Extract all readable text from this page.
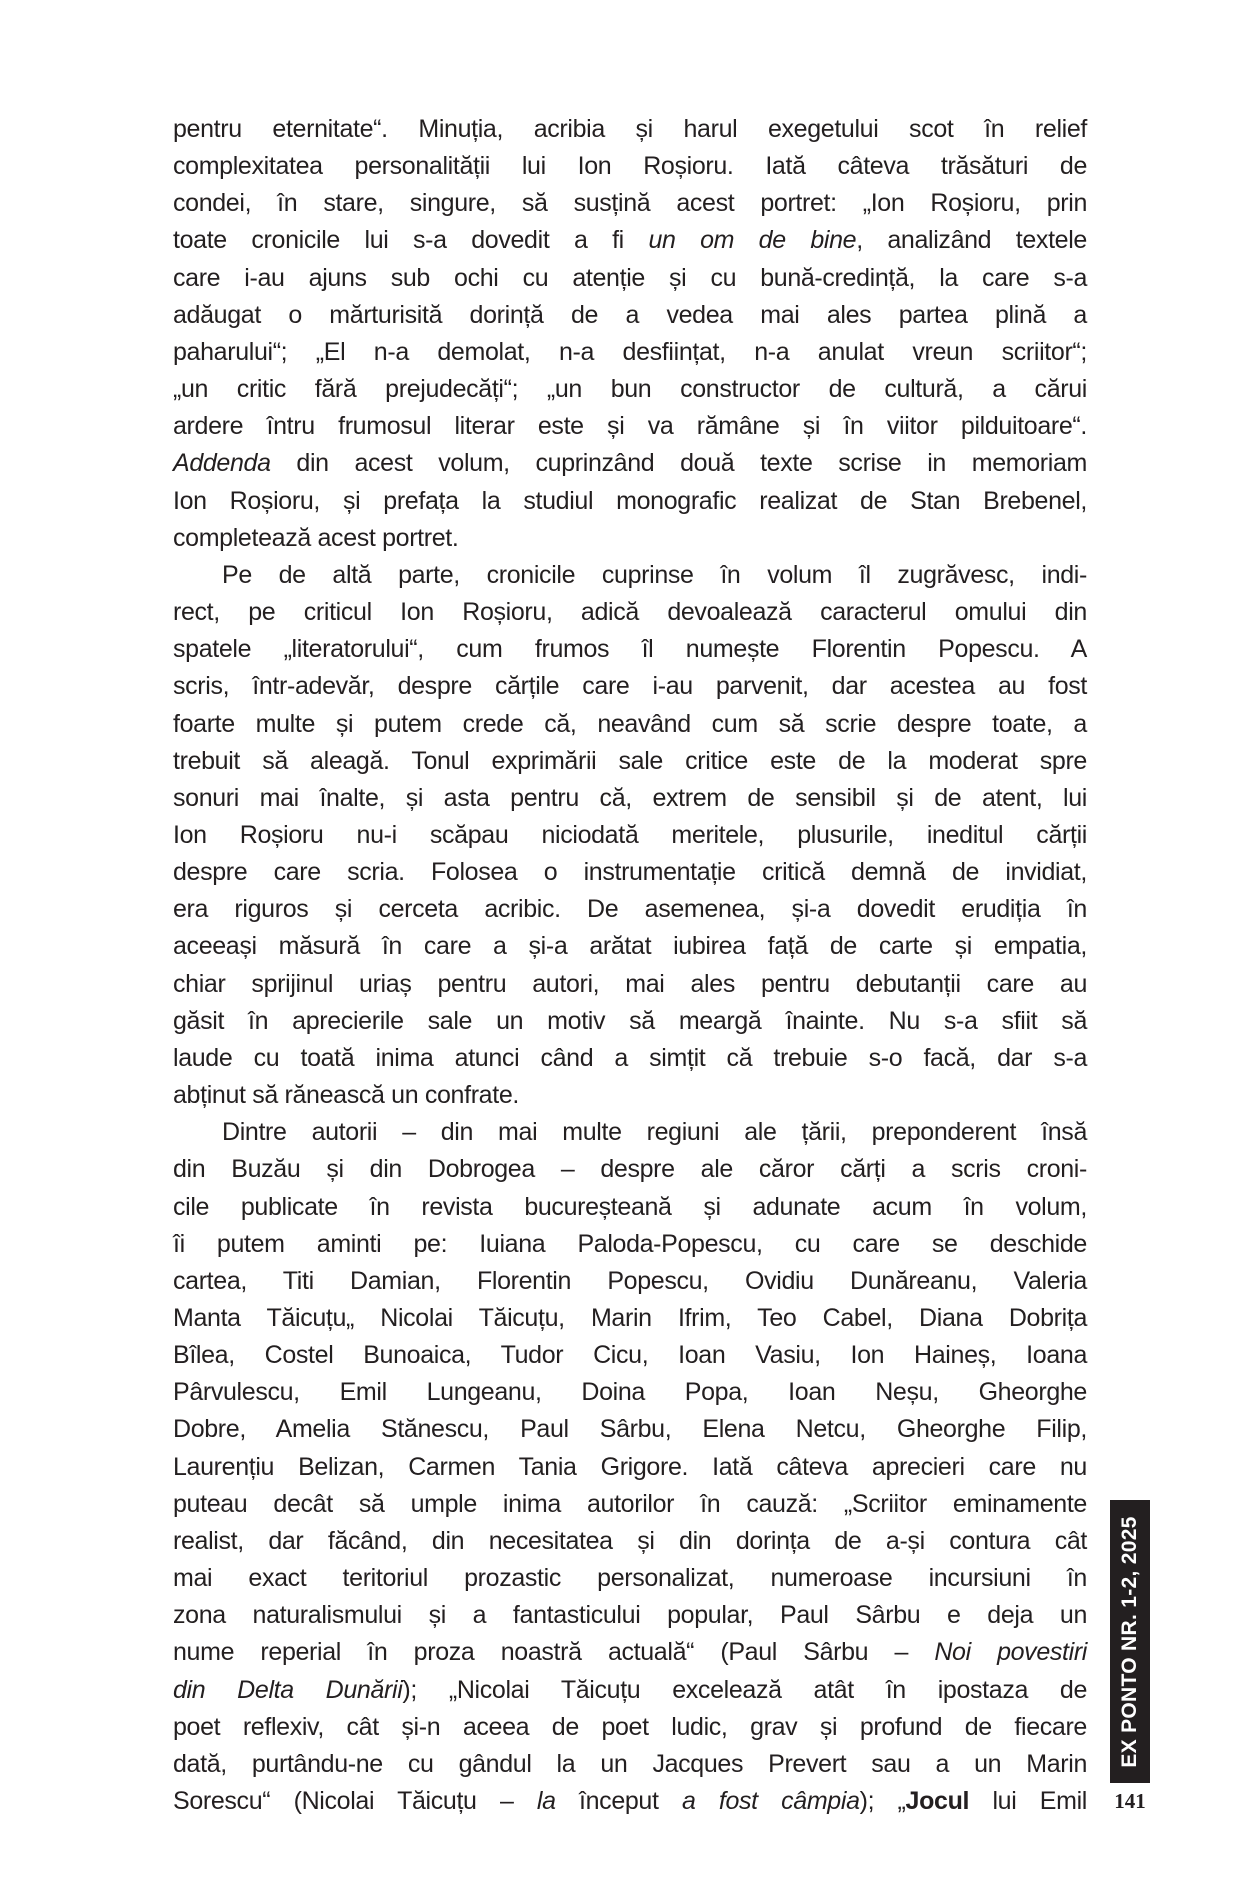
pentru eternitate“. Minuția, acribia și harul exegetului scot în relief
complexitatea personalității lui Ion Roșioru. Iată câteva trăsături de
condei, în stare, singure, să susțină acest portret: „Ion Roșioru, prin
toate cronicile lui s-a dovedit a fi un om de bine, analizând textele
care i-au ajuns sub ochi cu atenție și cu bună-credință, la care s-a
adăugat o mărturisită dorință de a vedea mai ales partea plină a
paharului“; „El n-a demolat, n-a desființat, n-a anulat vreun scriitor“;
„un critic fără prejudecăți“; „un bun constructor de cultură, a cărui
ardere întru frumosul literar este și va rămâne și în viitor pilduitoare“.
Addenda din acest volum, cuprinzând două texte scrise in memoriam
Ion Roșioru, și prefața la studiul monografic realizat de Stan Brebenel,
completează acest portret.
Pe de altă parte, cronicile cuprinse în volum îl zugrăvesc, indi-
rect, pe criticul Ion Roșioru, adică devoalează caracterul omului din
spatele „literatorului“, cum frumos îl numește Florentin Popescu. A
scris, într-adevăr, despre cărțile care i-au parvenit, dar acestea au fost
foarte multe și putem crede că, neavând cum să scrie despre toate, a
trebuit să aleagă. Tonul exprimării sale critice este de la moderat spre
sonuri mai înalte, și asta pentru că, extrem de sensibil și de atent, lui
Ion Roșioru nu-i scăpau niciodată meritele, plusurile, ineditul cărții
despre care scria. Folosea o instrumentație critică demnă de invidiat,
era riguros și cerceta acribic. De asemenea, și-a dovedit erudiția în
aceeași măsură în care a și-a arătat iubirea față de carte și empatia,
chiar sprijinul uriaș pentru autori, mai ales pentru debutanții care au
găsit în aprecierile sale un motiv să meargă înainte. Nu s-a sfiit să
laude cu toată inima atunci când a simțit că trebuie s-o facă, dar s-a
abținut să rănească un confrate.
Dintre autorii – din mai multe regiuni ale țării, preponderent însă
din Buzău și din Dobrogea – despre ale căror cărți a scris croni-
cile publicate în revista bucureșteană și adunate acum în volum,
îi putem aminti pe: Iuiana Paloda-Popescu, cu care se deschide
cartea, Titi Damian, Florentin Popescu, Ovidiu Dunăreanu, Valeria
Manta Tăicuțu„ Nicolai Tăicuțu, Marin Ifrim, Teo Cabel, Diana Dobrița
Bîlea, Costel Bunoaica, Tudor Cicu, Ioan Vasiu, Ion Haineș, Ioana
Pârvulescu, Emil Lungeanu, Doina Popa, Ioan Neșu, Gheorghe
Dobre, Amelia Stănescu, Paul Sârbu, Elena Netcu, Gheorghe Filip,
Laurențiu Belizan, Carmen Tania Grigore. Iată câteva aprecieri care nu
puteau decât să umple inima autorilor în cauză: „Scriitor eminamente
realist, dar făcând, din necesitatea și din dorința de a-și contura cât
mai exact teritoriul prozastic personalizat, numeroase incursiuni în
zona naturalismului și a fantasticului popular, Paul Sârbu e deja un
nume reperial în proza noastră actuală“ (Paul Sârbu – Noi povestiri
din Delta Dunării); „Nicolai Tăicuțu excelează atât în ipostaza de
poet reflexiv, cât și-n aceea de poet ludic, grav și profund de fiecare
dată, purtându-ne cu gândul la un Jacques Prevert sau a un Marin
Sorescu“ (Nicolai Tăicuțu – la început a fost câmpia); „Jocul lui Emil
EX PONTO NR. 1-2, 2025
141
